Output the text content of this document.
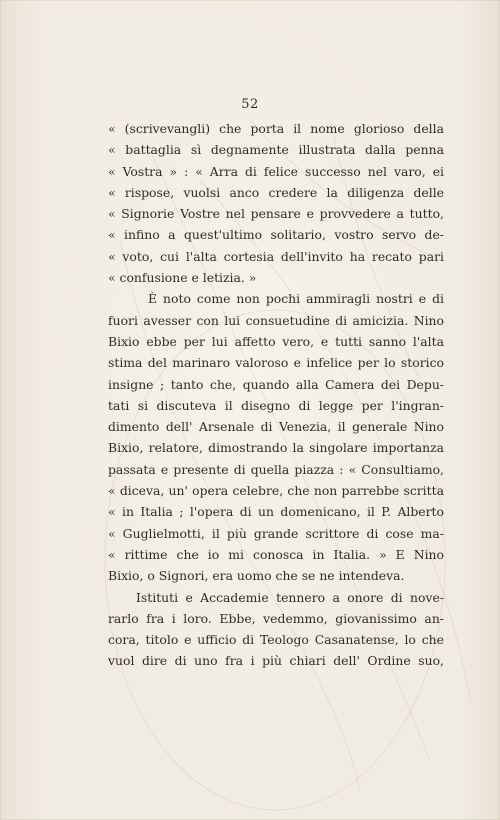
52
« (scrivevangli) che porta il nome glorioso della
« battaglia sì degnamente illustrata dalla penna
« Vostra » : « Arra di felice successo nel varo, ei
« rispose, vuolsi anco credere la diligenza delle
« Signorie Vostre nel pensare e provvedere a tutto,
« infino a quest'ultimo solitario, vostro servo de-
« voto, cui l'alta cortesia dell'invito ha recato pari
« confusione e letizia. »
È noto come non pochi ammiragli nostri e di
fuori avesser con lui consuetudine di amicizia. Nino
Bixio ebbe per lui affetto vero, e tutti sanno l'alta
stima del marinaro valoroso e infelice per lo storico
insigne ; tanto che, quando alla Camera dei Depu-
tati si discuteva il disegno di legge per l'ingran-
dimento dell' Arsenale di Venezia, il generale Nino
Bixio, relatore, dimostrando la singolare importanza
passata e presente di quella piazza : « Consultiamo,
« diceva, un' opera celebre, che non parrebbe scritta
« in Italia ; l'opera di un domenicano, il P. Alberto
« Guglielmotti, il più grande scrittore di cose ma-
« rittime che io mi conosca in Italia. » E Nino
Bixio, o Signori, era uomo che se ne intendeva.
Istituti e Accademie tennero a onore di nove-
rarlo fra i loro. Ebbe, vedemmo, giovanissimo an-
cora, titolo e ufficio di Teologo Casanatense, lo che
vuol dire di uno fra i più chiari dell' Ordine suo,
